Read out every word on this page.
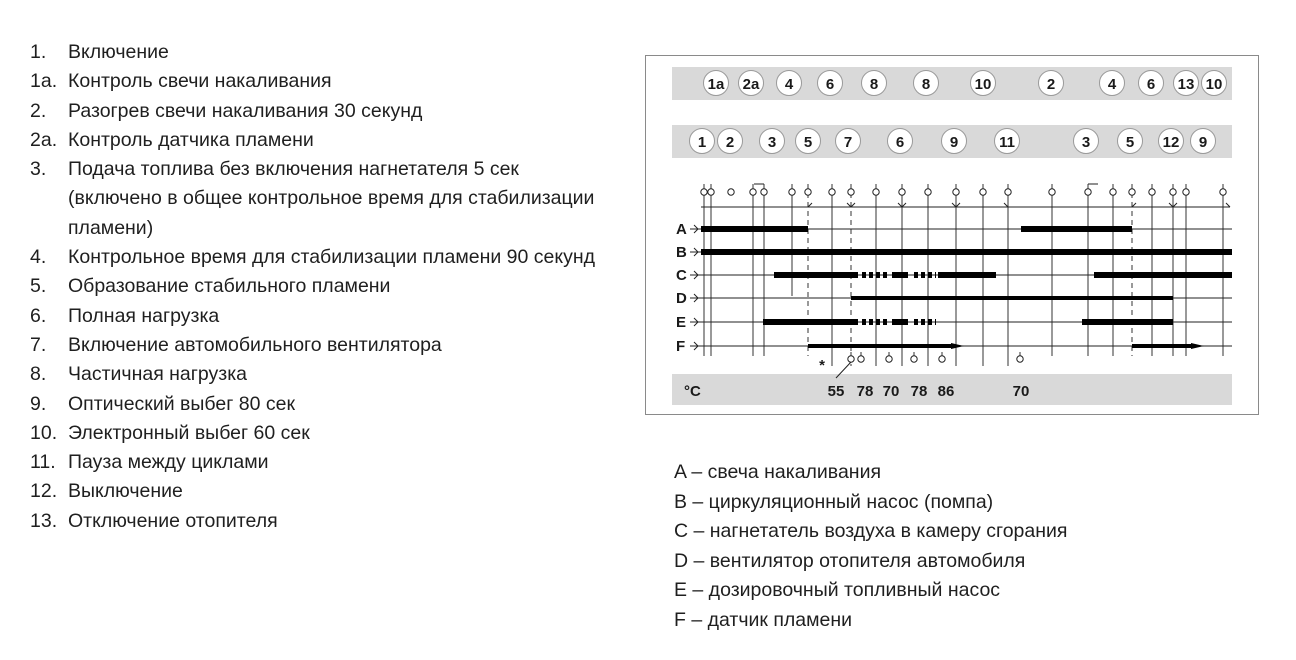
1.	Включение
1a. Контроль свечи накаливания
2.	Разогрев свечи накаливания 30 секунд
2a. Контроль датчика пламени
3.	Подача топлива без включения нагнетателя 5 сек (включено в общее контрольное время для стабилизации пламени)
4.	Контрольное время для стабилизации пламени 90 секунд
5.	Образование стабильного пламени
6.	Полная нагрузка
7.	Включение автомобильного вентилятора
8.	Частичная нагрузка
9.	Оптический выбег 80 сек
10. Электронный выбег 60 сек
11. Пауза между циклами
12. Выключение
13. Отключение отопителя
1a 2a 4 6 8	8	10	2	4 6 13 10
1 2 3 5 7	6	9	11	3 5 12 9
A
B
C
D
E
F
*
°C	55 78 70 78 86	70
A – свеча накаливания
B – циркуляционный насос (помпа)
C – нагнетатель воздуха в камеру сгорания
D – вентилятор отопителя автомобиля
E – дозировочный топливный насос
F – датчик пламени
